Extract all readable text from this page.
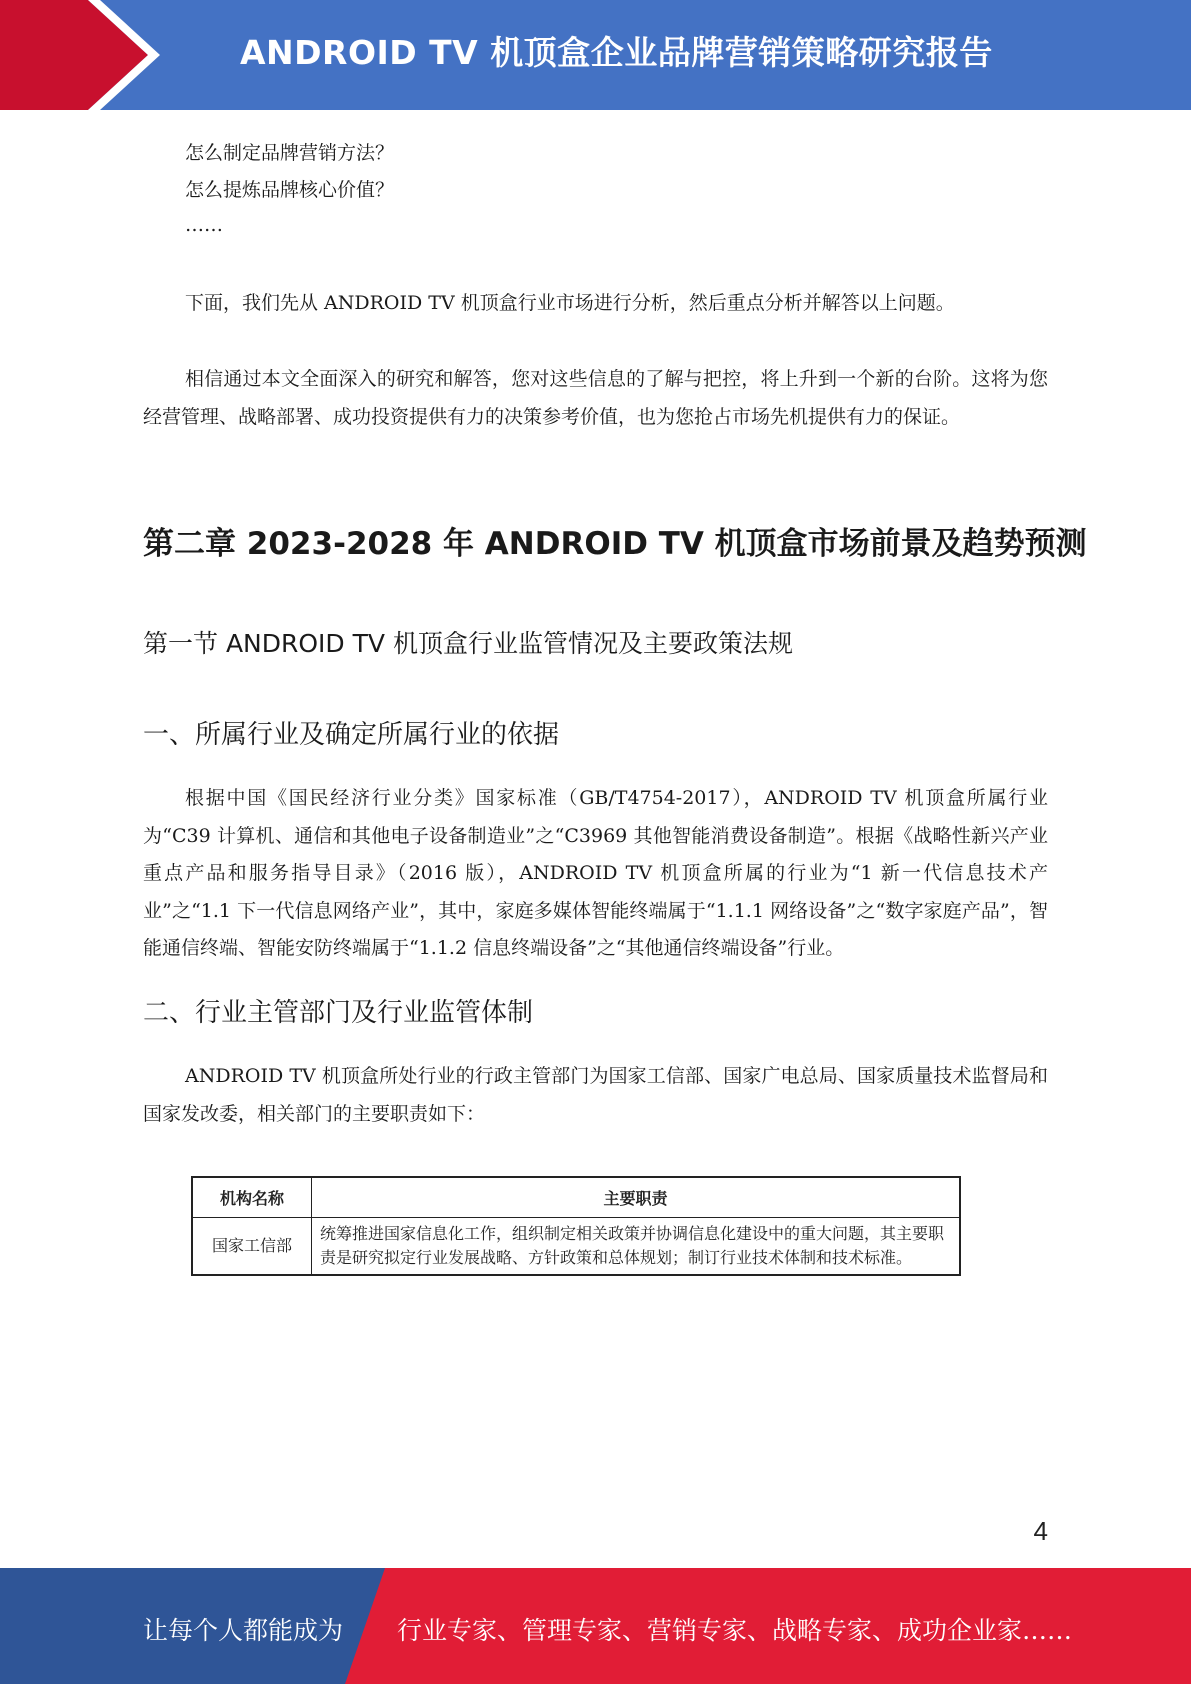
ANDROID TV 机顶盒企业品牌营销策略研究报告
怎么制定品牌营销方法？
怎么提炼品牌核心价值？
……
下面，我们先从 ANDROID TV 机顶盒行业市场进行分析，然后重点分析并解答以上问题。
相信通过本文全面深入的研究和解答，您对这些信息的了解与把控，将上升到一个新的台阶。这将为您经营管理、战略部署、成功投资提供有力的决策参考价值，也为您抢占市场先机提供有力的保证。
第二章 2023-2028 年 ANDROID TV 机顶盒市场前景及趋势预测
第一节 ANDROID TV 机顶盒行业监管情况及主要政策法规
一、所属行业及确定所属行业的依据
根据中国《国民经济行业分类》国家标准（GB/T4754-2017），ANDROID TV 机顶盒所属行业为“C39 计算机、通信和其他电子设备制造业”之“C3969 其他智能消费设备制造”。根据《战略性新兴产业重点产品和服务指导目录》（2016 版），ANDROID TV 机顶盒所属的行业为“1 新一代信息技术产业”之“1.1 下一代信息网络产业”，其中，家庭多媒体智能终端属于“1.1.1 网络设备”之“数字家庭产品”，智能通信终端、智能安防终端属于“1.1.2 信息终端设备”之“其他通信终端设备”行业。
二、行业主管部门及行业监管体制
ANDROID TV 机顶盒所处行业的行政主管部门为国家工信部、国家广电总局、国家质量技术监督局和国家发改委，相关部门的主要职责如下：
机构名称	主要职责
国家工信部	统筹推进国家信息化工作，组织制定相关政策并协调信息化建设中的重大问题，其主要职责是研究拟定行业发展战略、方针政策和总体规划；制订行业技术体制和技术标准。
4
让每个人都能成为 行业专家、管理专家、营销专家、战略专家、成功企业家……
